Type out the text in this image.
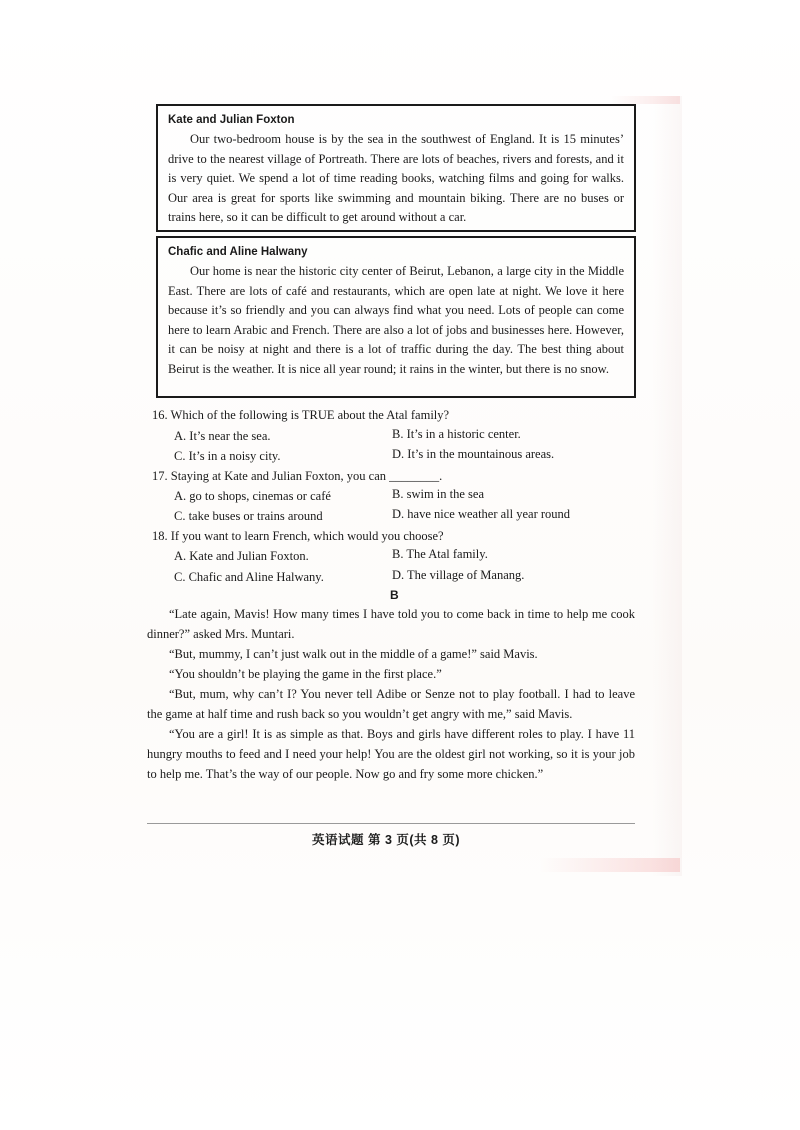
Kate and Julian Foxton

Our two-bedroom house is by the sea in the southwest of England. It is 15 minutes’ drive to the nearest village of Portreath. There are lots of beaches, rivers and forests, and it is very quiet. We spend a lot of time reading books, watching films and going for walks. Our area is great for sports like swimming and mountain biking. There are no buses or trains here, so it can be difficult to get around without a car.

Chafic and Aline Halwany

Our home is near the historic city center of Beirut, Lebanon, a large city in the Middle East. There are lots of café and restaurants, which are open late at night. We love it here because it’s so friendly and you can always find what you need. Lots of people can come here to learn Arabic and French. There are also a lot of jobs and businesses here. However, it can be noisy at night and there is a lot of traffic during the day. The best thing about Beirut is the weather. It is nice all year round; it rains in the winter, but there is no snow.

16. Which of the following is TRUE about the Atal family?
A. It’s near the sea.	B. It’s in a historic center.
C. It’s in a noisy city.	D. It’s in the mountainous areas.
17. Staying at Kate and Julian Foxton, you can ________.
A. go to shops, cinemas or café	B. swim in the sea
C. take buses or trains around	D. have nice weather all year round
18. If you want to learn French, which would you choose?
A. Kate and Julian Foxton.	B. The Atal family.
C. Chafic and Aline Halwany.	D. The village of Manang.
B

“Late again, Mavis! How many times I have told you to come back in time to help me cook dinner?” asked Mrs. Muntari.

“But, mummy, I can’t just walk out in the middle of a game!” said Mavis.

“You shouldn’t be playing the game in the first place.”

“But, mum, why can’t I? You never tell Adibe or Senze not to play football. I had to leave the game at half time and rush back so you wouldn’t get angry with me,” said Mavis.

“You are a girl! It is as simple as that. Boys and girls have different roles to play. I have 11 hungry mouths to feed and I need your help! You are the oldest girl not working, so it is your job to help me. That’s the way of our people. Now go and fry some more chicken.”

英语试题 第 3 页(共 8 页)
